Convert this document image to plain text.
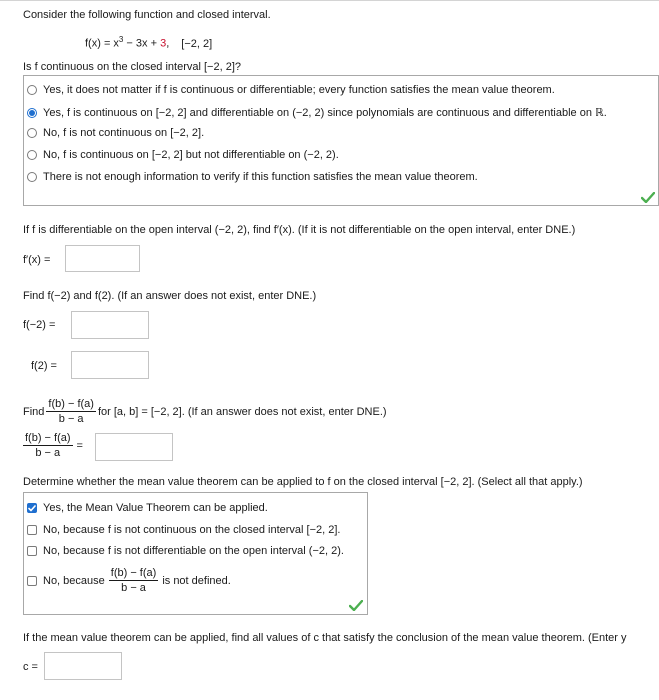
Consider the following function and closed interval.
$f(x) = x^3 - 3x + 3$, [−2, 2]
Is f continuous on the closed interval [−2, 2]?
Yes, it does not matter if f is continuous or differentiable; every function satisfies the mean value theorem.
Yes, f is continuous on [−2, 2] and differentiable on (−2, 2) since polynomials are continuous and differentiable on ℝ.
No, f is not continuous on [−2, 2].
No, f is continuous on [−2, 2] but not differentiable on (−2, 2).
There is not enough information to verify if this function satisfies the mean value theorem.
If f is differentiable on the open interval (−2, 2), find f′(x). (If it is not differentiable on the open interval, enter DNE.)
f′(x) =
Find f(−2) and f(2). (If an answer does not exist, enter DNE.)
f(−2) =
f(2) =
Find $\frac{f(b) - f(a)}{b - a}$ for [a, b] = [−2, 2]. (If an answer does not exist, enter DNE.)
$\frac{f(b) - f(a)}{b - a}$ =
Determine whether the mean value theorem can be applied to f on the closed interval [−2, 2]. (Select all that apply.)
Yes, the Mean Value Theorem can be applied.
No, because f is not continuous on the closed interval [−2, 2].
No, because f is not differentiable on the open interval (−2, 2).
No, because $\frac{f(b) - f(a)}{b - a}$ is not defined.
If the mean value theorem can be applied, find all values of c that satisfy the conclusion of the mean value theorem. (Enter y
c =
